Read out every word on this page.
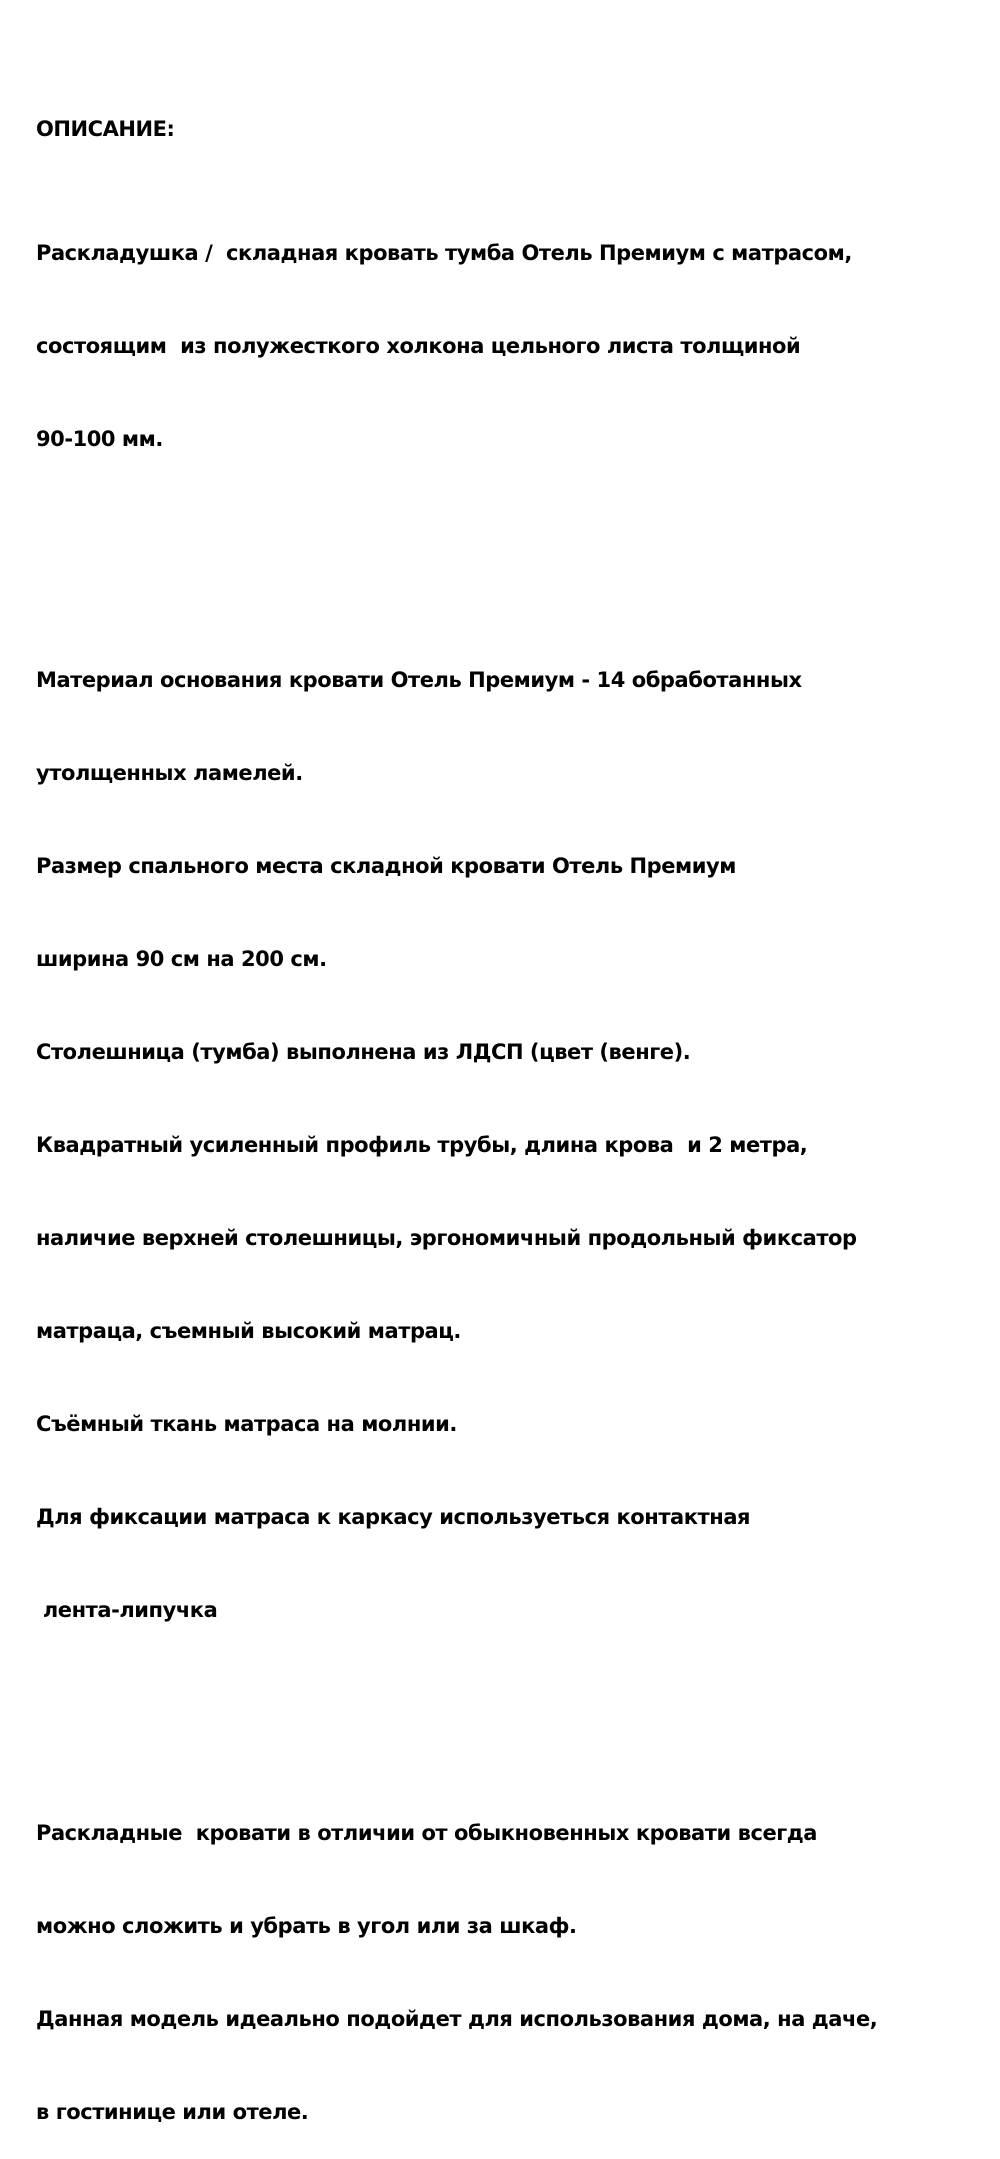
ОПИСАНИЕ:

Раскладушка /  складная кровать тумба Отель Премиум с матрасом,

состоящим  из полужесткого холкона цельного листа толщиной

90-100 мм.

Материал основания кровати Отель Премиум - 14 обработанных

утолщенных ламелей.

Размер спального места складной кровати Отель Премиум

ширина 90 см на 200 см.

Столешница (тумба) выполнена из ЛДСП (цвет (венге).

Квадратный усиленный профиль трубы, длина крова  и 2 метра,

наличие верхней столешницы, эргономичный продольный фиксатор

матраца, съемный высокий матрац.

Съёмный ткань матраса на молнии.

Для фиксации матраса к каркасу используеться контактная

лента-липучка

Раскладные  кровати в отличии от обыкновенных кровати всегда

можно сложить и убрать в угол или за шкаф.

Данная модель идеально подойдет для использования дома, на даче,

в гостинице или отеле.
